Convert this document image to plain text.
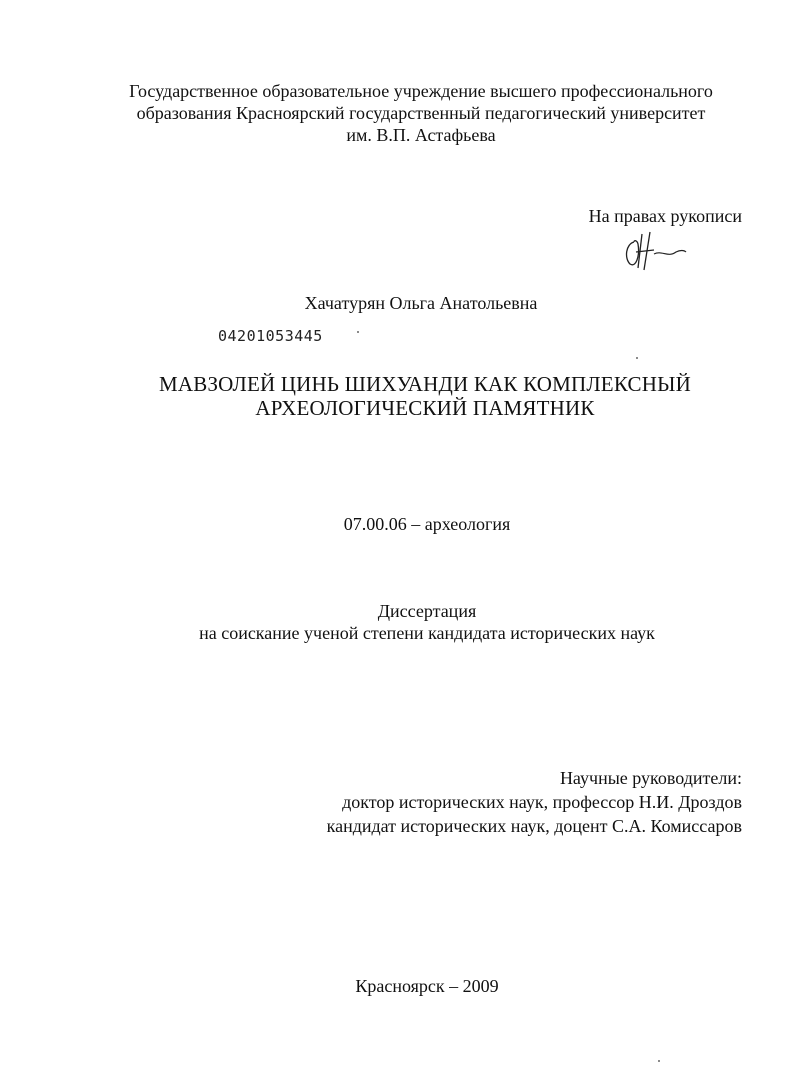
Государственное образовательное учреждение высшего профессионального
образования Красноярский государственный педагогический университет
им. В.П. Астафьева
На правах рукописи
Хачатурян Ольга Анатольевна
04201053445
МАВЗОЛЕЙ ЦИНЬ ШИХУАНДИ КАК КОМПЛЕКСНЫЙ
АРХЕОЛОГИЧЕСКИЙ ПАМЯТНИК
07.00.06 – археология
Диссертация
на соискание ученой степени кандидата исторических наук
Научные руководители:
доктор исторических наук, профессор Н.И. Дроздов
кандидат исторических наук, доцент С.А. Комиссаров
Красноярск – 2009
